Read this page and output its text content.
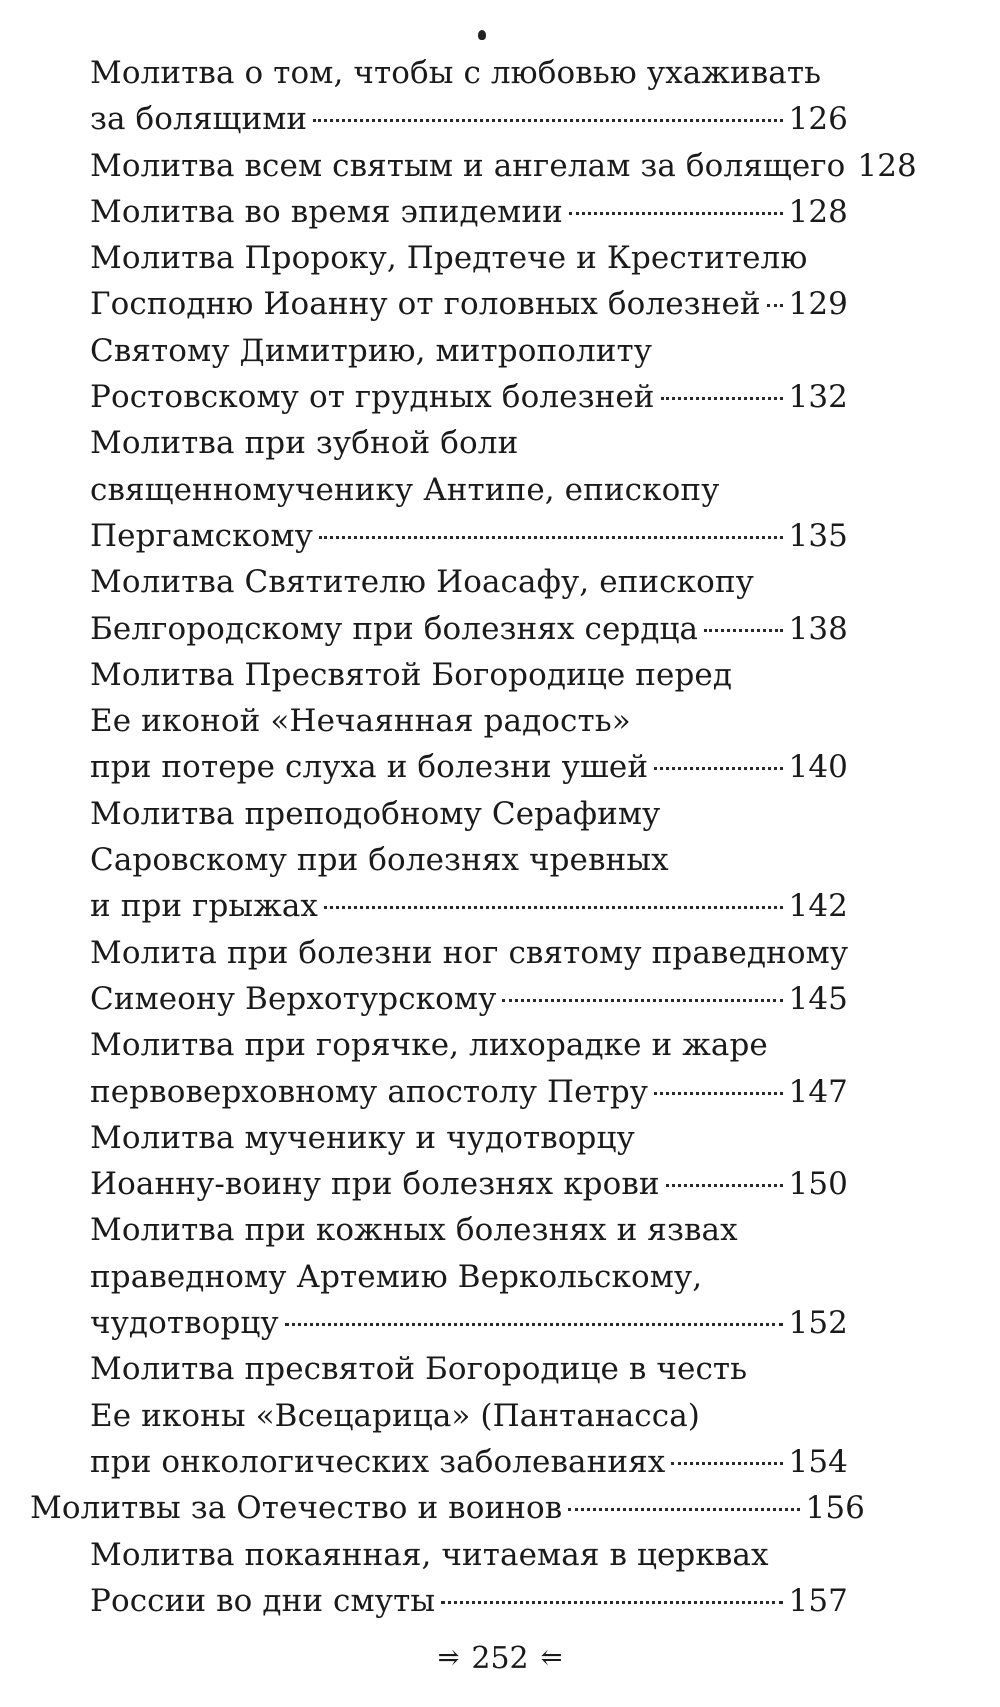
Молитва о том, чтобы с любовью ухаживать
за болящими	126
Молитва всем святым и ангелам за болящего 128
Молитва во время эпидемии	128
Молитва Пророку, Предтече и Крестителю
Господню Иоанну от головных болезней 129
Святому Димитрию, митрополиту
Ростовскому от грудных болезней	132
Молитва при зубной боли
священномученику Антипе, епископу
Пергамскому	135
Молитва Святителю Иоасафу, епископу
Белгородскому при болезнях сердца	138
Молитва Пресвятой Богородице перед
Ее иконой «Нечаянная радость»
при потере слуха и болезни ушей	140
Молитва преподобному Серафиму
Саровскому при болезнях чревных
и при грыжах	142
Молита при болезни ног святому праведному
Симеону Верхотурскому	145
Молитва при горячке, лихорадке и жаре
первоверховному апостолу Петру	147
Молитва мученику и чудотворцу
Иоанну-воину при болезнях крови	150
Молитва при кожных болезнях и язвах
праведному Артемию Веркольскому,
чудотворцу	152
Молитва пресвятой Богородице в честь
Ее иконы «Всецарица» (Пантанасса)
при онкологических заболеваниях	154
Молитвы за Отечество и воинов	156
Молитва покаянная, читаемая в церквах
России во дни смуты	157
⥤ 252 ⥢
